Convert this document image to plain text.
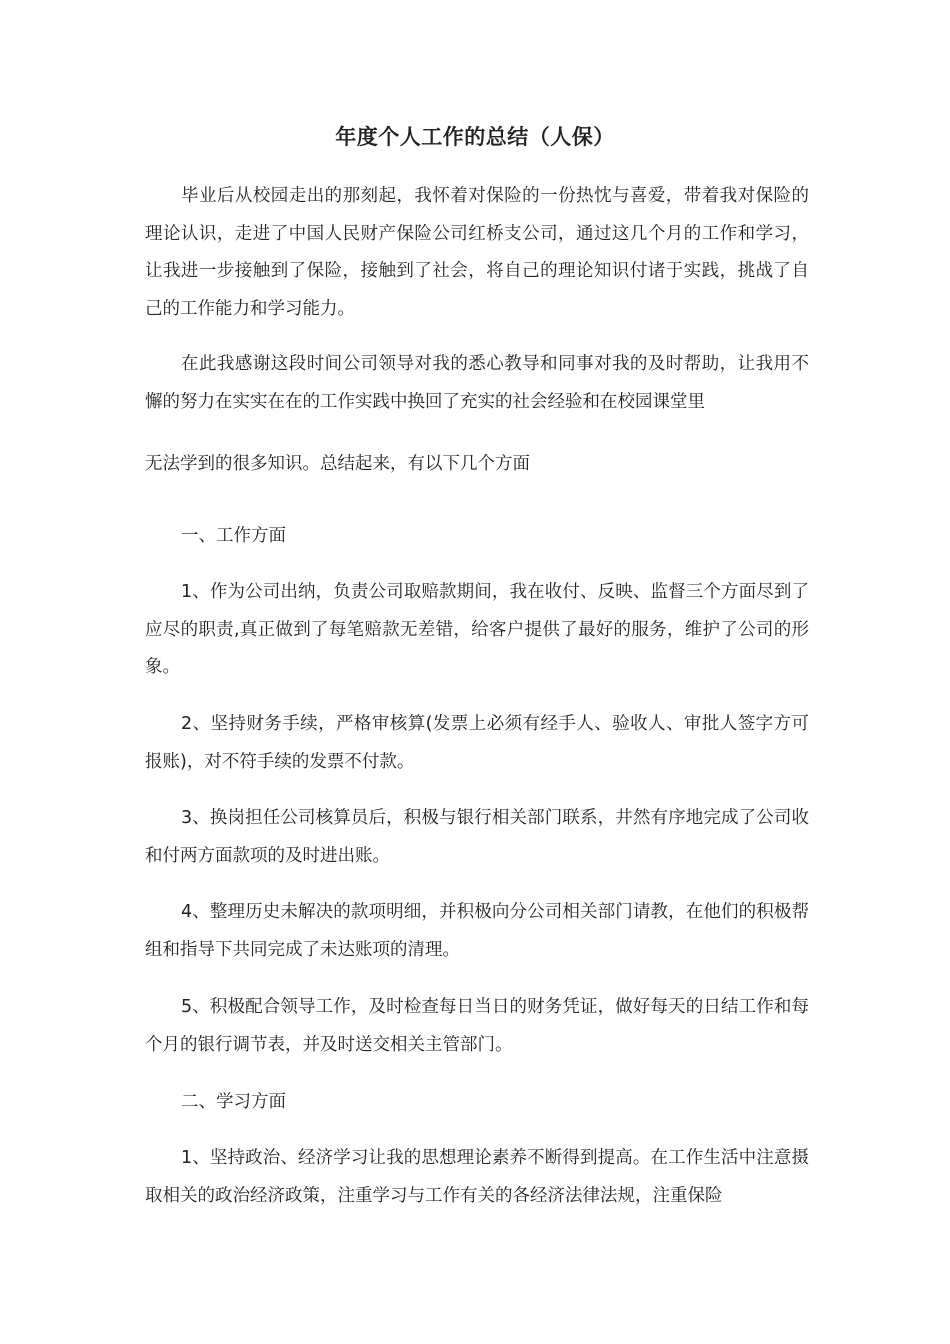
年度个人工作的总结（人保）
毕业后从校园走出的那刻起，我怀着对保险的一份热忱与喜爱，带着我对保险的理论认识，走进了中国人民财产保险公司红桥支公司，通过这几个月的工作和学习，让我进一步接触到了保险，接触到了社会，将自己的理论知识付诸于实践，挑战了自己的工作能力和学习能力。
在此我感谢这段时间公司领导对我的悉心教导和同事对我的及时帮助，让我用不懈的努力在实实在在的工作实践中换回了充实的社会经验和在校园课堂里
无法学到的很多知识。总结起来，有以下几个方面
一、工作方面
1、作为公司出纳，负责公司取赔款期间，我在收付、反映、监督三个方面尽到了应尽的职责,真正做到了每笔赔款无差错，给客户提供了最好的服务，维护了公司的形象。
2、坚持财务手续，严格审核算(发票上必须有经手人、验收人、审批人签字方可报账)，对不符手续的发票不付款。
3、换岗担任公司核算员后，积极与银行相关部门联系，井然有序地完成了公司收和付两方面款项的及时进出账。
4、整理历史未解决的款项明细，并积极向分公司相关部门请教，在他们的积极帮组和指导下共同完成了未达账项的清理。
5、积极配合领导工作，及时检查每日当日的财务凭证，做好每天的日结工作和每个月的银行调节表，并及时送交相关主管部门。
二、学习方面
1、坚持政治、经济学习让我的思想理论素养不断得到提高。在工作生活中注意摄取相关的政治经济政策，注重学习与工作有关的各经济法律法规，注重保险
